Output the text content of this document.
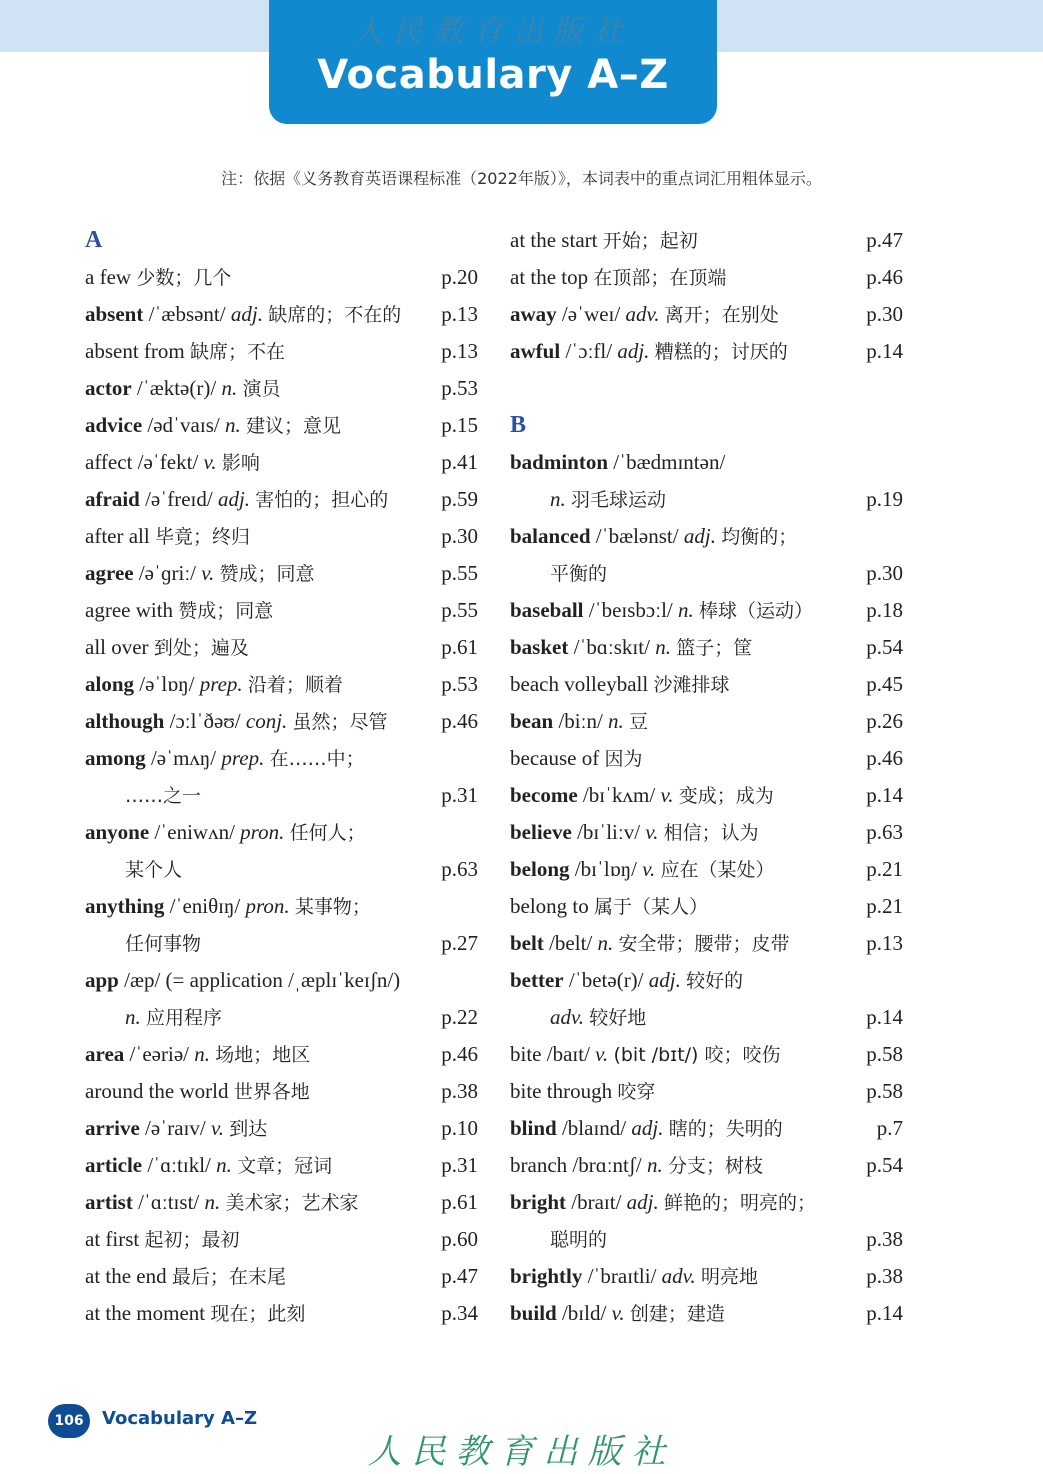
人民教育出版社
Vocabulary A–Z
注：依据《义务教育英语课程标准（2022年版）》，本词表中的重点词汇用粗体显示。
A
a few 少数；几个	p.20
absent /ˈæbsənt/ adj. 缺席的；不在的 p.13
absent from 缺席；不在	p.13
actor /ˈæktə(r)/ n. 演员	p.53
advice /ədˈvaɪs/ n. 建议；意见	p.15
affect /əˈfekt/ v. 影响	p.41
afraid /əˈfreɪd/ adj. 害怕的；担心的	p.59
after all 毕竟；终归	p.30
agree /əˈɡriː/ v. 赞成；同意	p.55
agree with 赞成；同意	p.55
all over 到处；遍及	p.61
along /əˈlɒŋ/ prep. 沿着；顺着	p.53
although /ɔːlˈðəʊ/ conj. 虽然；尽管	p.46
among /əˈmʌŋ/ prep. 在……中；
……之一	p.31
anyone /ˈeniwʌn/ pron. 任何人；
某个人	p.63
anything /ˈeniθɪŋ/ pron. 某事物；
任何事物	p.27
app /æp/ (= application /ˌæplɪˈkeɪʃn/)
n. 应用程序	p.22
area /ˈeəriə/ n. 场地；地区	p.46
around the world 世界各地	p.38
arrive /əˈraɪv/ v. 到达	p.10
article /ˈɑːtɪkl/ n. 文章；冠词	p.31
artist /ˈɑːtɪst/ n. 美术家；艺术家	p.61
at first 起初；最初	p.60
at the end 最后；在末尾	p.47
at the moment 现在；此刻	p.34
at the start 开始；起初	p.47
at the top 在顶部；在顶端	p.46
away /əˈweɪ/ adv. 离开；在别处	p.30
awful /ˈɔːfl/ adj. 糟糕的；讨厌的	p.14
B
badminton /ˈbædmɪntən/
n. 羽毛球运动	p.19
balanced /ˈbælənst/ adj. 均衡的；
平衡的	p.30
baseball /ˈbeɪsbɔːl/ n. 棒球（运动）	p.18
basket /ˈbɑːskɪt/ n. 篮子；筐	p.54
beach volleyball 沙滩排球	p.45
bean /biːn/ n. 豆	p.26
because of 因为	p.46
become /bɪˈkʌm/ v. 变成；成为	p.14
believe /bɪˈliːv/ v. 相信；认为	p.63
belong /bɪˈlɒŋ/ v. 应在（某处）	p.21
belong to 属于（某人）	p.21
belt /belt/ n. 安全带；腰带；皮带	p.13
better /ˈbetə(r)/ adj. 较好的
adv. 较好地	p.14
bite /baɪt/ v. (bit /bɪt/) 咬；咬伤	p.58
bite through 咬穿	p.58
blind /blaɪnd/ adj. 瞎的；失明的	p.7
branch /brɑːntʃ/ n. 分支；树枝	p.54
bright /braɪt/ adj. 鲜艳的；明亮的；
聪明的	p.38
brightly /ˈbraɪtli/ adv. 明亮地	p.38
build /bɪld/ v. 创建；建造	p.14
106	Vocabulary A–Z
人民教育出版社
